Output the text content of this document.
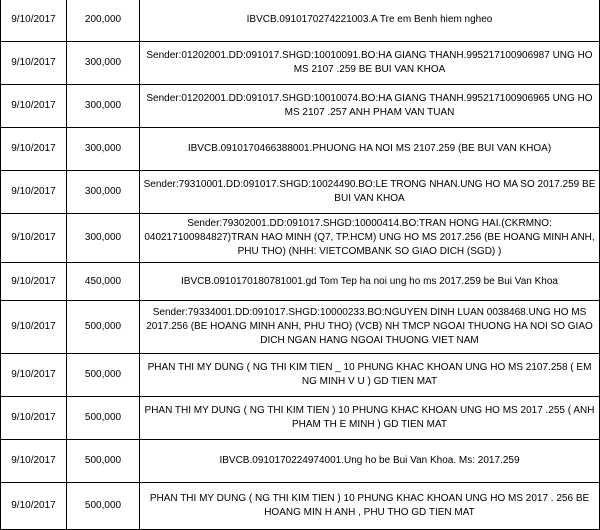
9/10/2017	200,000	IBVCB.0910170274221003.A Tre em Benh hiem ngheo
9/10/2017	300,000	Sender:01202001.DD:091017.SHGD:10010091.BO:HA GIANG THANH.995217100906987 UNG HO MS 2107 .259 BE BUI VAN KHOA
9/10/2017	300,000	Sender:01202001.DD:091017.SHGD:10010074.BO:HA GIANG THANH.995217100906965 UNG HO MS 2107 .257 ANH PHAM VAN TUAN
9/10/2017	300,000	IBVCB.0910170466388001.PHUONG HA NOI MS 2107.259 (BE BUI VAN KHOA)
9/10/2017	300,000	Sender:79310001.DD:091017.SHGD:10024490.BO:LE TRONG NHAN.UNG HO MA SO 2017.259 BE BUI VAN KHOA
9/10/2017	300,000	Sender:79302001.DD:091017.SHGD:10000414.BO:TRAN HONG HAI.(CKRMNO: 040217100984827)TRAN HAO MINH (Q7, TP.HCM) UNG HO MS 2017.256 (BE HOANG MINH ANH, PHU THO) (NHH: VIETCOMBANK SO GIAO DICH (SGD) )
9/10/2017	450,000	IBVCB.0910170180781001.gd Tom Tep ha noi ung ho ms 2017.259 be Bui Van Khoa
9/10/2017	500,000	Sender:79334001.DD:091017.SHGD:10000233.BO:NGUYEN DINH LUAN 0038468.UNG HO MS 2017.256 (BE HOANG MINH ANH, PHU THO) (VCB) NH TMCP NGOAI THUONG HA NOI SO GIAO DICH NGAN HANG NGOAI THUONG VIET NAM
9/10/2017	500,000	PHAN THI MY DUNG ( NG THI KIM TIEN _ 10 PHUNG KHAC KHOAN UNG HO MS 2107.258 ( EM NG MINH V U ) GD TIEN MAT
9/10/2017	500,000	PHAN THI MY DUNG ( NG THI KIM TIEN ) 10 PHUNG KHAC KHOAN UNG HO MS 2017 .255 ( ANH PHAM TH E MINH ) GD TIEN MAT
9/10/2017	500,000	IBVCB.0910170224974001.Ung ho be Bui Van Khoa. Ms: 2017.259
9/10/2017	500,000	PHAN THI MY DUNG ( NG THI KIM TIEN ) 10 PHUNG KHAC KHOAN UNG HO MS 2017 . 256 BE HOANG MIN H ANH , PHU THO GD TIEN MAT
